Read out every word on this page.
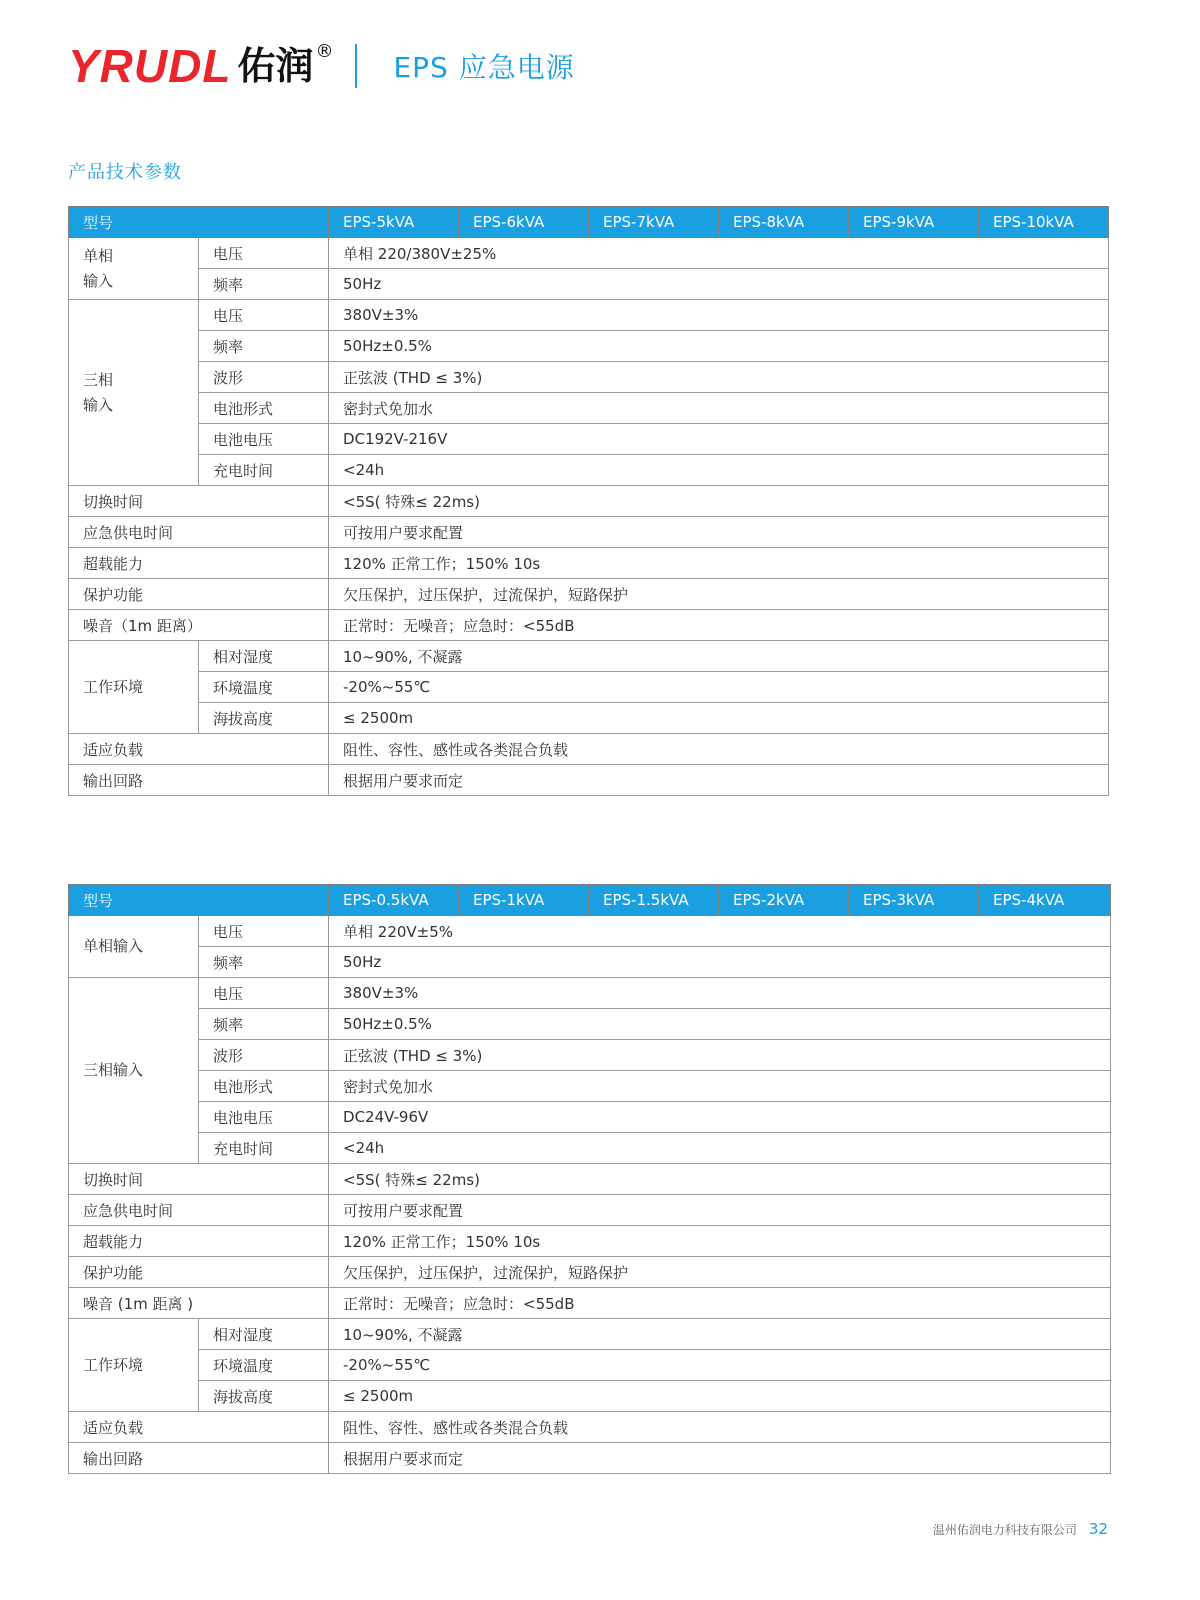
YRUDL 佑润 ® EPS 应急电源
产品技术参数
型号		EPS-5kVA	EPS-6kVA	EPS-7kVA	EPS-8kVA	EPS-9kVA	EPS-10kVA

单相
输入	电压	单相 220/380V±25%					
	频率	50Hz					

三相
输入	电压	380V±3%					
	频率	50Hz±0.5%					
	波形	正弦波 (THD ≤ 3%)					
	电池形式	密封式免加水					
	电池电压	DC192V-216V					
	充电时间	<24h					
切换时间		<5S( 特殊≤ 22ms)					
应急供电时间		可按用户要求配置					
超载能力		120% 正常工作；150% 10s					
保护功能		欠压保护，过压保护，过流保护，短路保护					
噪音（1m 距离）		正常时：无噪音；应急时：<55dB					
工作环境	相对湿度	10~90%, 不凝露					
	环境温度	-20%~55℃					
	海拔高度	≤ 2500m					
适应负载		阻性、容性、感性或各类混合负载					
输出回路		根据用户要求而定					
型号		EPS-0.5kVA	EPS-1kVA	EPS-1.5kVA	EPS-2kVA	EPS-3kVA	EPS-4kVA

单相输入	电压	单相 220V±5%					
	频率	50Hz					

三相输入	电压	380V±3%					
	频率	50Hz±0.5%					
	波形	正弦波 (THD ≤ 3%)					
	电池形式	密封式免加水					
	电池电压	DC24V-96V					
	充电时间	<24h					
切换时间		<5S( 特殊≤ 22ms)					
应急供电时间		可按用户要求配置					
超载能力		120% 正常工作；150% 10s					
保护功能		欠压保护，过压保护，过流保护，短路保护					
噪音 (1m 距离 )		正常时：无噪音；应急时：<55dB					
工作环境	相对湿度	10~90%, 不凝露					
	环境温度	-20%~55℃					
	海拔高度	≤ 2500m					
适应负载		阻性、容性、感性或各类混合负载					
输出回路		根据用户要求而定					
温州佑润电力科技有限公司 32
